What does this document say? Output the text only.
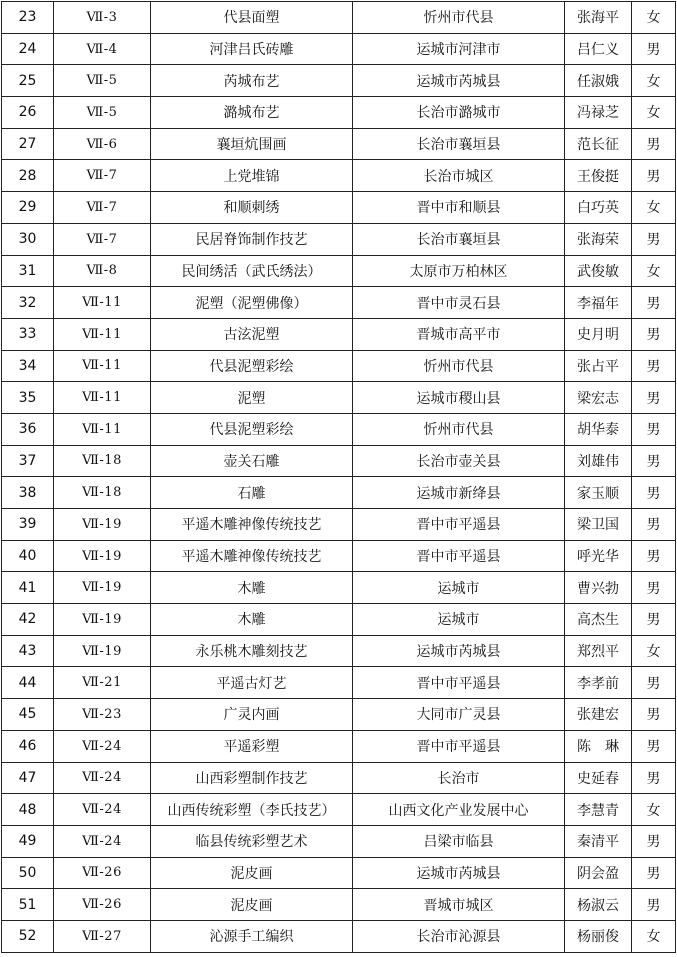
23	Ⅶ-3	代县面塑	忻州市代县	张海平	女
24	Ⅶ-4	河津吕氏砖雕	运城市河津市	吕仁义	男
25	Ⅶ-5	芮城布艺	运城市芮城县	任淑娥	女
26	Ⅶ-5	潞城布艺	长治市潞城市	冯禄芝	女
27	Ⅶ-6	襄垣炕围画	长治市襄垣县	范长征	男
28	Ⅶ-7	上党堆锦	长治市城区	王俊挺	男
29	Ⅶ-7	和顺刺绣	晋中市和顺县	白巧英	女
30	Ⅶ-7	民居脊饰制作技艺	长治市襄垣县	张海荣	男
31	Ⅶ-8	民间绣活（武氏绣法）	太原市万柏林区	武俊敏	女
32	Ⅶ-11	泥塑（泥塑佛像）	晋中市灵石县	李福年	男
33	Ⅶ-11	古泫泥塑	晋城市高平市	史月明	男
34	Ⅶ-11	代县泥塑彩绘	忻州市代县	张占平	男
35	Ⅶ-11	泥塑	运城市稷山县	梁宏志	男
36	Ⅶ-11	代县泥塑彩绘	忻州市代县	胡华泰	男
37	Ⅶ-18	壶关石雕	长治市壶关县	刘雄伟	男
38	Ⅶ-18	石雕	运城市新绛县	家玉顺	男
39	Ⅶ-19	平遥木雕神像传统技艺	晋中市平遥县	梁卫国	男
40	Ⅶ-19	平遥木雕神像传统技艺	晋中市平遥县	呼光华	男
41	Ⅶ-19	木雕	运城市	曹兴勃	男
42	Ⅶ-19	木雕	运城市	高杰生	男
43	Ⅶ-19	永乐桃木雕刻技艺	运城市芮城县	郑烈平	女
44	Ⅶ-21	平遥古灯艺	晋中市平遥县	李孝前	男
45	Ⅶ-23	广灵内画	大同市广灵县	张建宏	男
46	Ⅶ-24	平遥彩塑	晋中市平遥县	陈　琳	男
47	Ⅶ-24	山西彩塑制作技艺	长治市	史延春	男
48	Ⅶ-24	山西传统彩塑（李氏技艺）	山西文化产业发展中心	李慧青	女
49	Ⅶ-24	临县传统彩塑艺术	吕梁市临县	秦清平	男
50	Ⅶ-26	泥皮画	运城市芮城县	阴会盈	男
51	Ⅶ-26	泥皮画	晋城市城区	杨淑云	男
52	Ⅶ-27	沁源手工编织	长治市沁源县	杨丽俊	女
